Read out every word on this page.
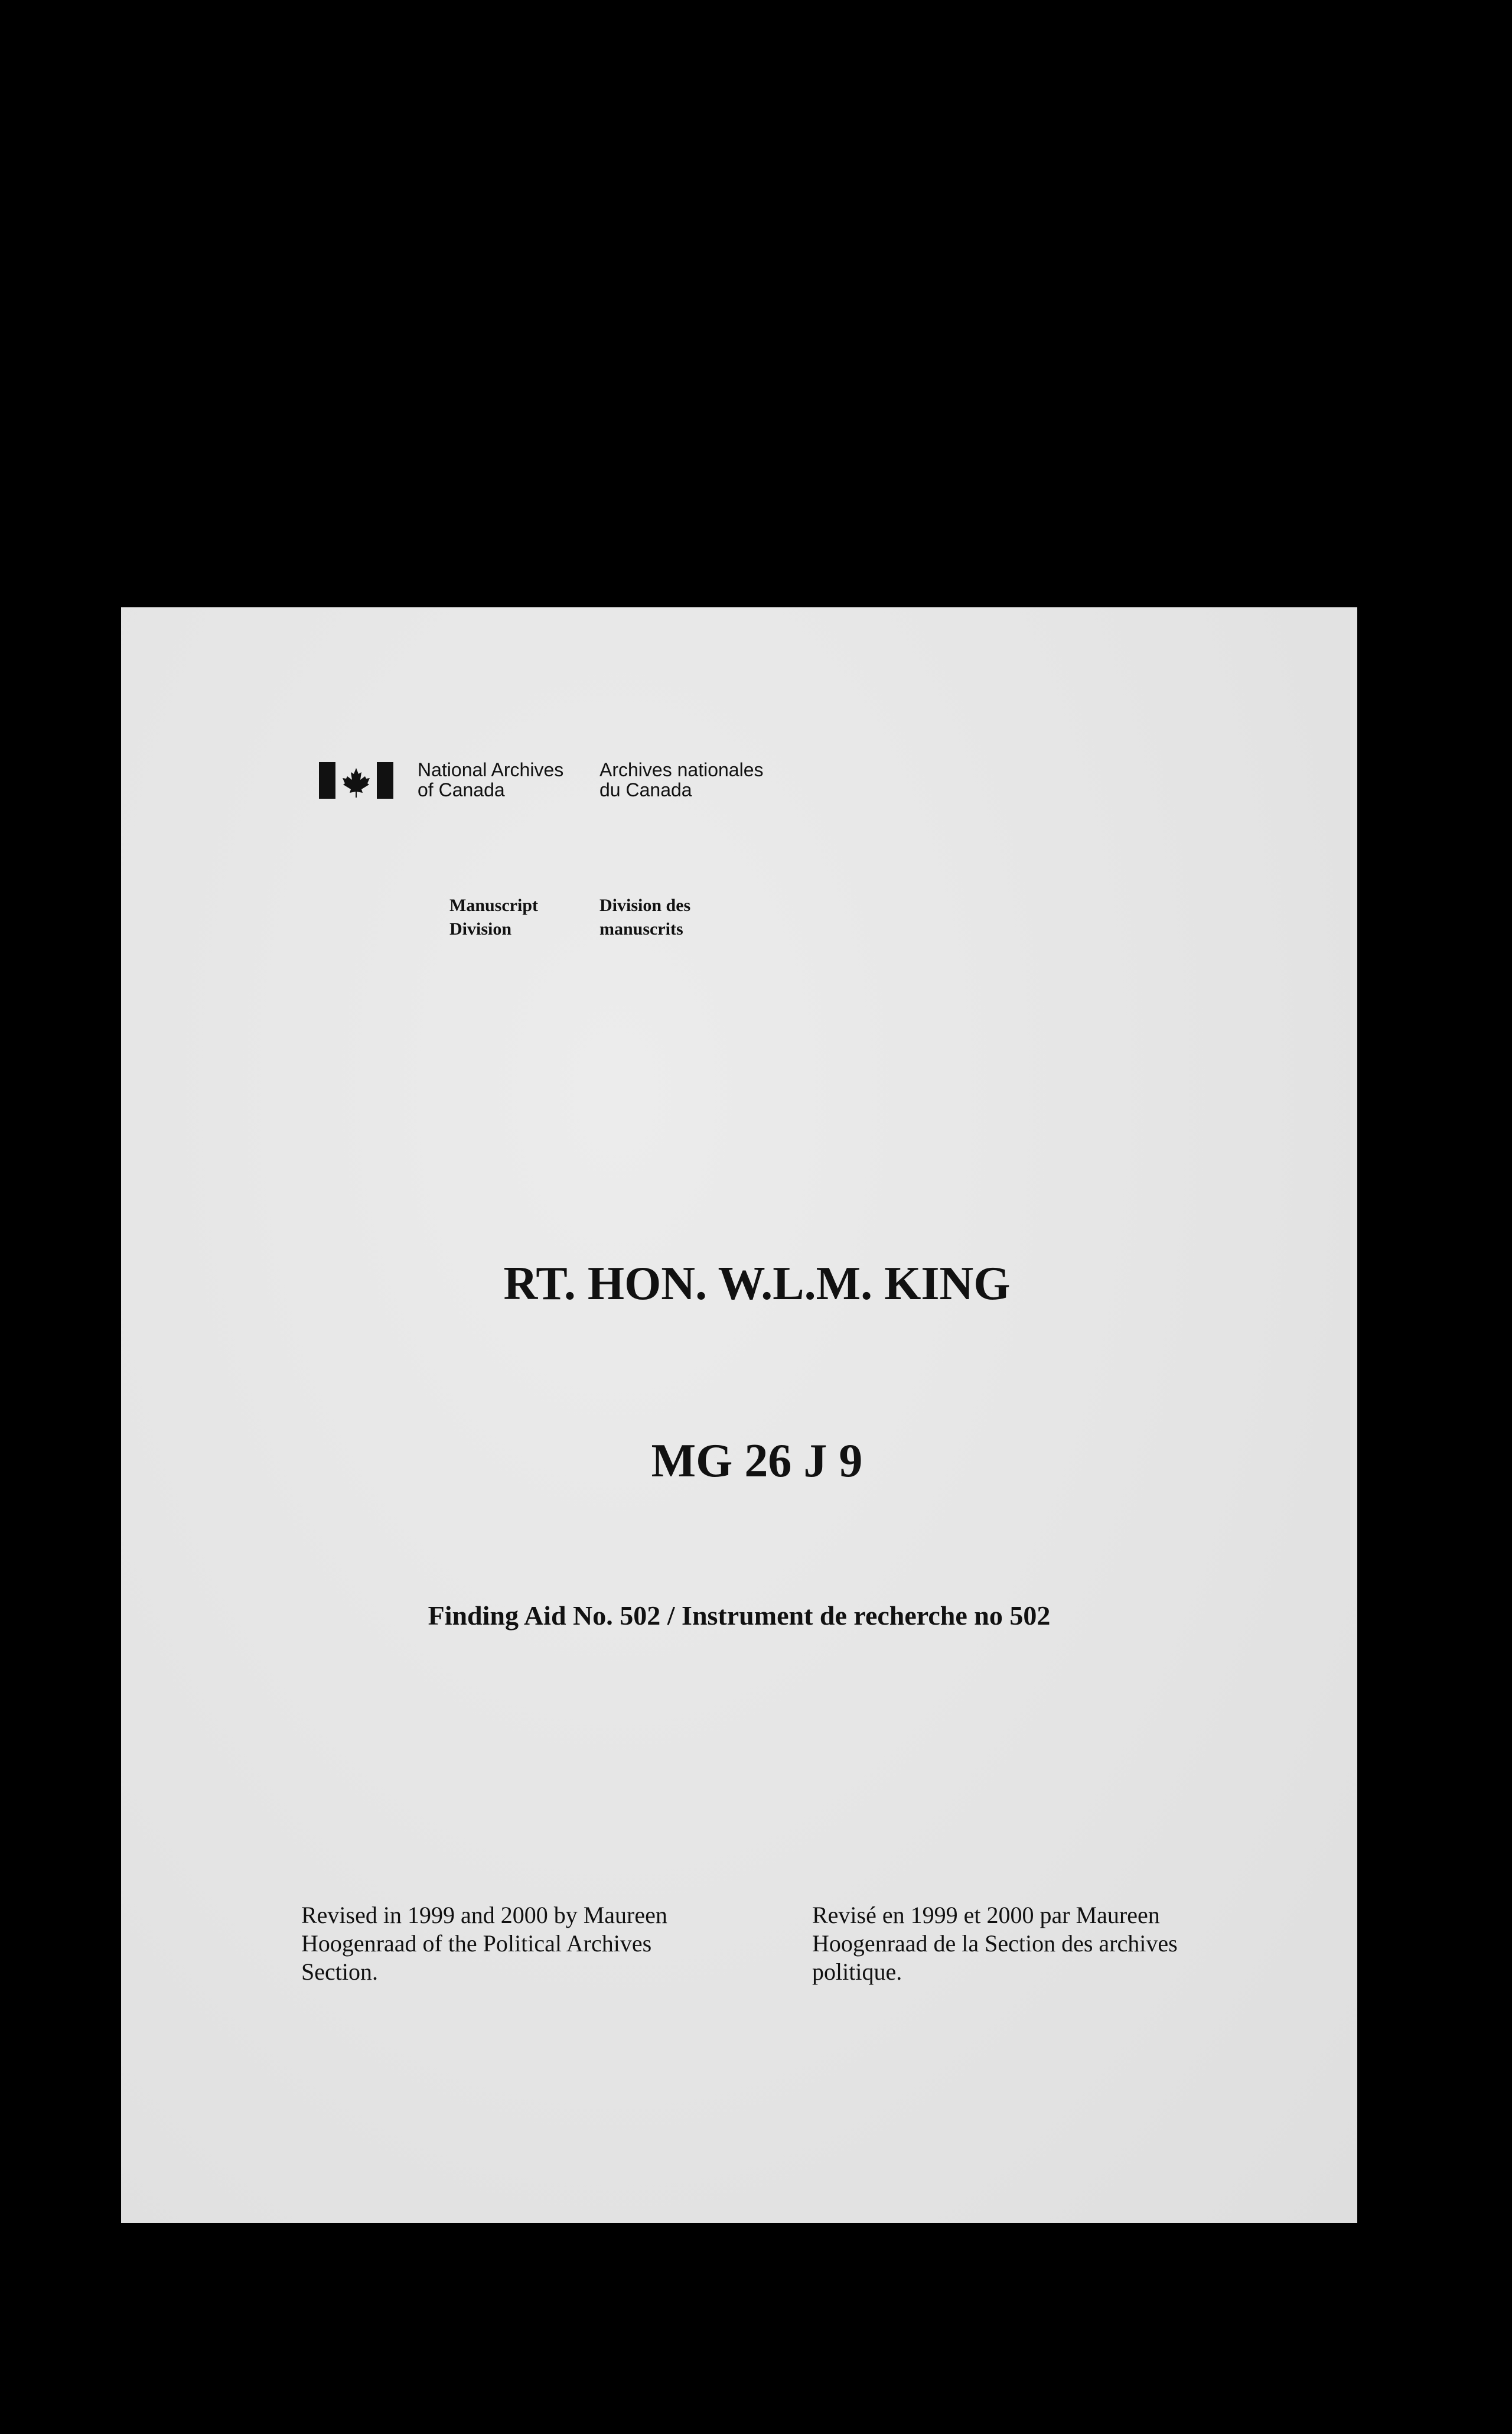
National Archives
of Canada
Archives nationales
du Canada
Manuscript
Division
Division des
manuscrits
RT. HON. W.L.M. KING
MG 26 J 9
Finding Aid No. 502 / Instrument de recherche no 502
Revised in 1999 and 2000 by Maureen Hoogenraad of the Political Archives Section.
Revisé en 1999 et 2000 par Maureen Hoogenraad de la Section des archives politique.
